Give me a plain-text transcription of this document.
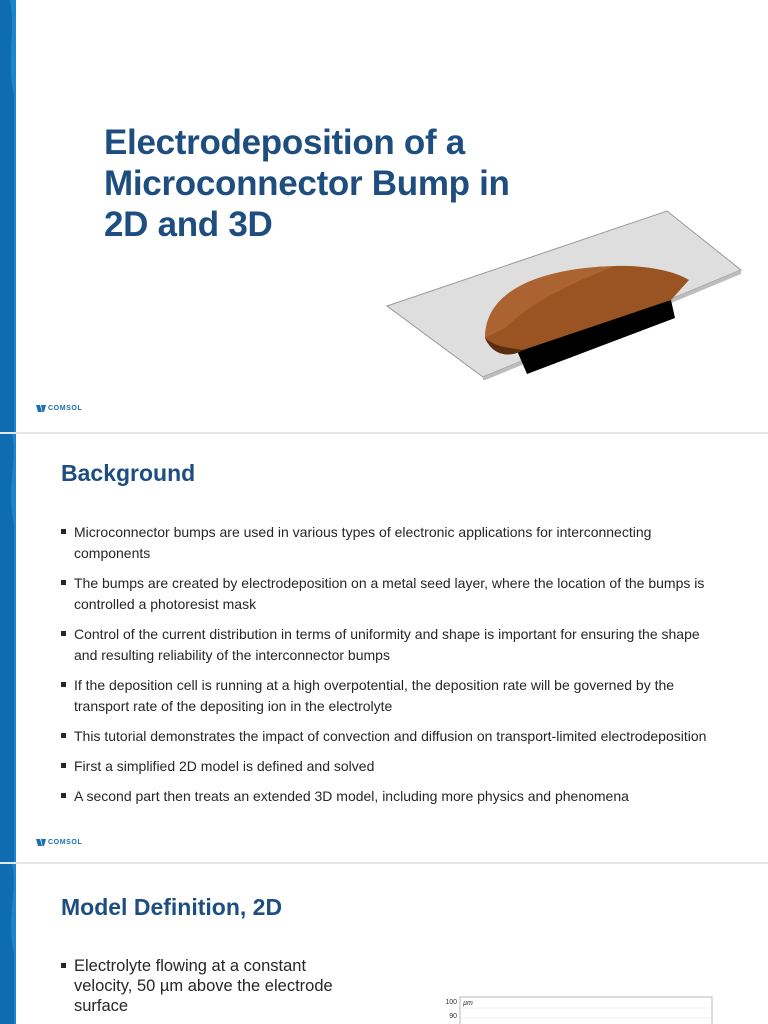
Electrodeposition of a Microconnector Bump in 2D and 3D
COMSOL
Background
Microconnector bumps are used in various types of electronic applications for interconnecting components
The bumps are created by electrodeposition on a metal seed layer, where the location of the bumps is controlled a photoresist mask
Control of the current distribution in terms of uniformity and shape is important for ensuring the shape and resulting reliability of the interconnector bumps
If the deposition cell is running at a high overpotential, the deposition rate will be governed by the transport rate of the depositing ion in the electrolyte
This tutorial demonstrates the impact of convection and diffusion on transport-limited electrodeposition
First a simplified 2D model is defined and solved
A second part then treats an extended 3D model, including more physics and phenomena
COMSOL
Model Definition, 2D
Electrolyte flowing at a constant velocity, 50 µm above the electrode surface	100
90
µm
